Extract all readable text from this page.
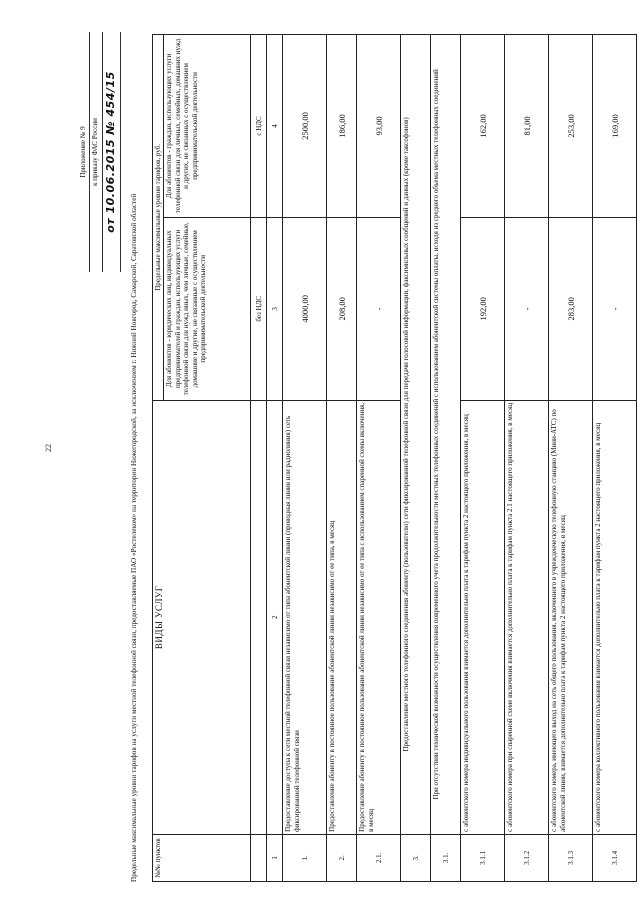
22
Приложение № 9 к приказу ФАС России от 10.06.2015 № 454/15
Предельные максимальные уровни тарифов на услуги местной телефонной связи, предоставляемые ПАО «Ростелеком» на территории Нижегородской, за исключением г. Нижний Новгород, Самарской, Саратовской областей №№ пунктов	ВИДЫ УСЛУГ	Предельные максимальные уровни тарифов, руб.	
		Для абонентов - юридических лиц, индивидуальных предпринимателей и граждан, использующих услуги телефонной связи для нужд иных, чем личные, семейные, домашние и другие, не связанные с осуществлением предпринимательской деятельности	Для абонентов - граждан, использующих услуги телефонной связи для личных, семейных, домашних нужд и других, не связанных с осуществлением предпринимательской деятельности
		без НДС	с НДС
1	2	3	4
1.	Предоставление доступа к сети местной телефонной связи независимо от типа абонентской линии (проводная линия или радиолиния) сеть фиксированной телефонной связи	4000,00	2500,00
2.	Предоставление абоненту в постоянное пользование абонентской линии независимо от ее типа, в месяц	208,00	186,00
2.1.	Предоставление абоненту в постоянное пользование абонентской линии независимо от ее типа с использованием спаренной схемы включения, в месяц	-	93,00
3.	Предоставление местного телефонного соединения абоненту (пользователю) сети фиксированной телефонной связи для передачи голосовой информации, факсимильных сообщений и данных (кроме таксофонов)		
3.1.	При отсутствии технической возможности осуществления повременного учета продолжительности местных телефонных соединений с использованием абонентской системы оплаты, исходя из среднего объема местных телефонных соединений		
3.1.1	с абонентского номера индивидуального пользования взимается дополнительно плата к тарифам пункта 2 настоящего приложения, в месяц	192,00	162,00
3.1.2	с абонентского номера при спаренной схеме включения взимается дополнительно плата к тарифам пункта 2.1 настоящего приложения, в месяц	-	81,00
3.1.3	с абонентского номера, имеющего выход на сеть общего пользования, включенного в учрежденческую телефонную станцию (Мини-АТС) по абонентской линии, взимается дополнительно плата к тарифам пункта 2 настоящего приложения, в месяц	283,00	253,00
3.1.4	с абонентского номера коллективного пользования взимается дополнительно плата к тарифам пункта 2 настоящего приложения, в месяц	-	169,00
